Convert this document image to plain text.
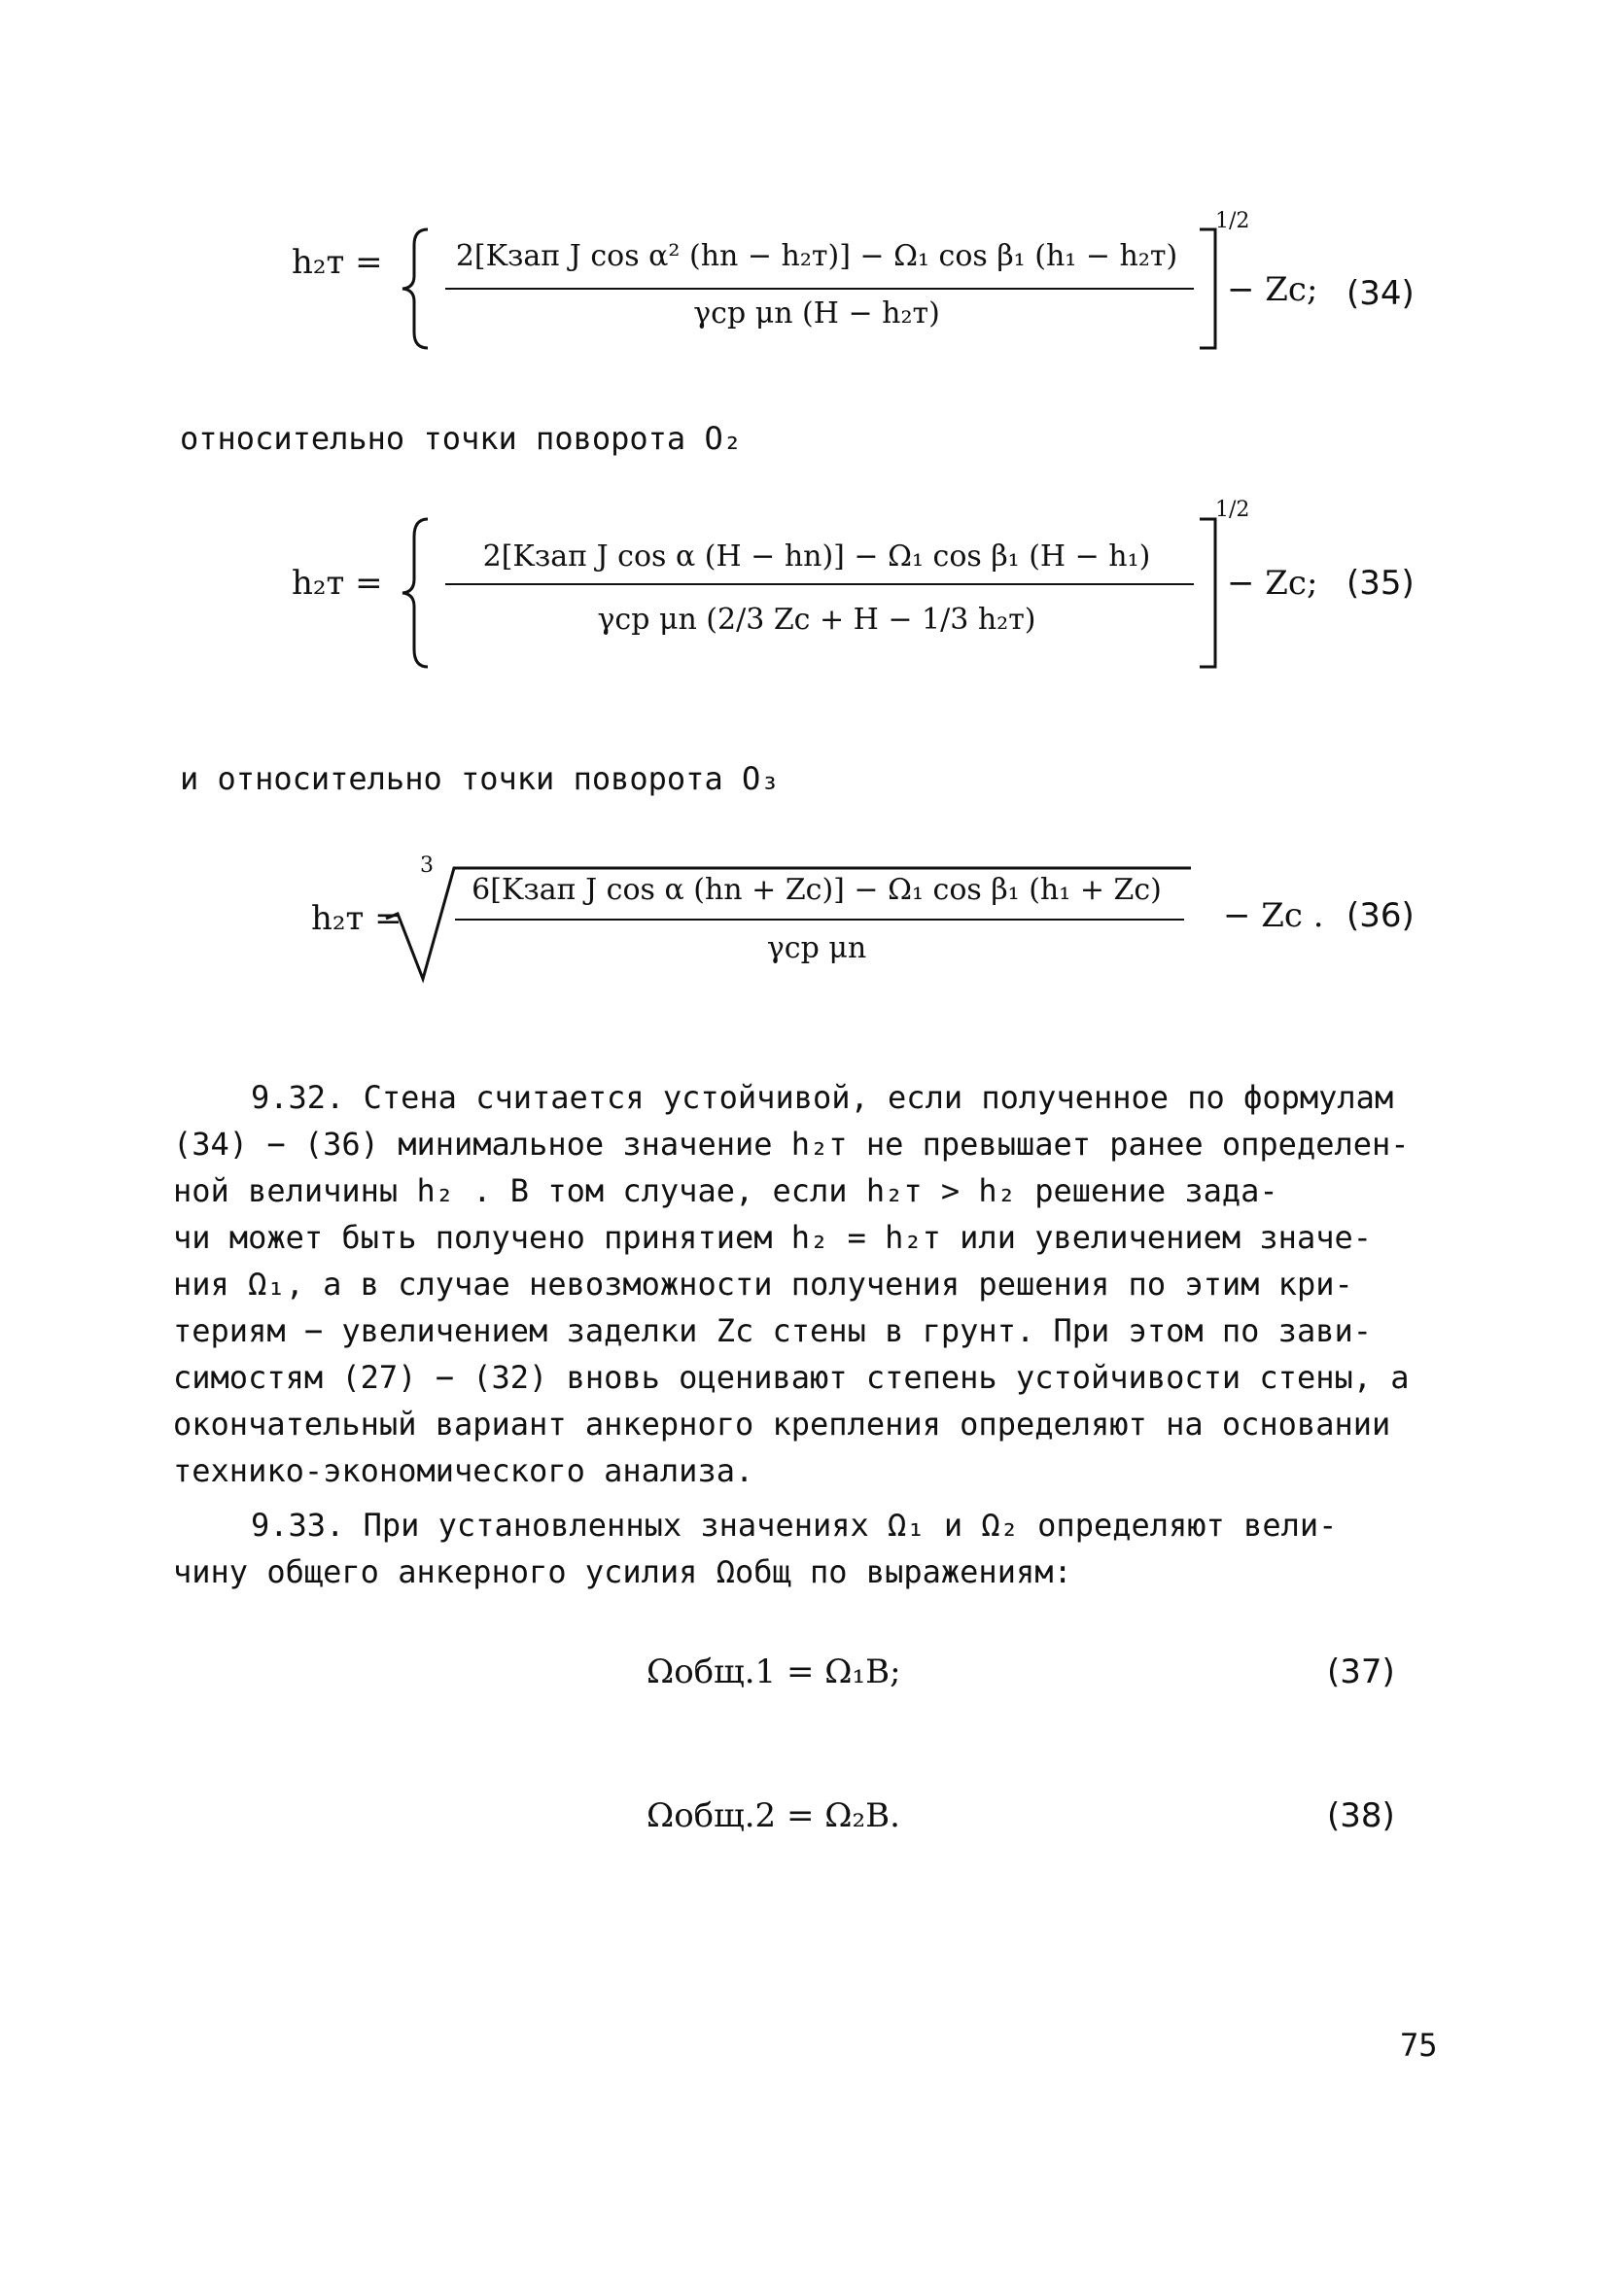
h₂т =	2[Kзап J cos α² (hn − h₂т)] − Ω₁ cos β₁ (h₁ − h₂т)
γср μn (H − h₂т)
1/2
− Zc; (34)
относительно точки поворота О₂
h₂т =
2[Kзап J cos α (H − hn)] − Ω₁ cos β₁ (H − h₁)
γср μn (2/3 Zc + H − 1/3 h₂т)
1/2
− Zc; (35)
и относительно точки поворота О₃
h₂т =
3
6[Kзап J cos α (hn + Zc)] − Ω₁ cos β₁ (h₁ + Zc)
γср μn
− Zc . (36)
9.32. Стена считается устойчивой, если полученное по формулам
(34) − (36) минимальное значение h₂т не превышает ранее определен-
ной величины h₂ . В том случае, если h₂т > h₂ решение зада-
чи может быть получено принятием h₂ = h₂т или увеличением значе-
ния Ω₁, а в случае невозможности получения решения по этим кри-
териям − увеличением заделки Zc стены в грунт. При этом по зави-
симостям (27) − (32) вновь оценивают степень устойчивости стены, а
окончательный вариант анкерного крепления определяют на основании
технико-экономического анализа.
9.33. При установленных значениях Ω₁ и Ω₂ определяют вели-
чину общего анкерного усилия Ωобщ по выражениям:
Ωобщ.1 = Ω₁B;	(37)
Ωобщ.2 = Ω₂B.	(38)
75
